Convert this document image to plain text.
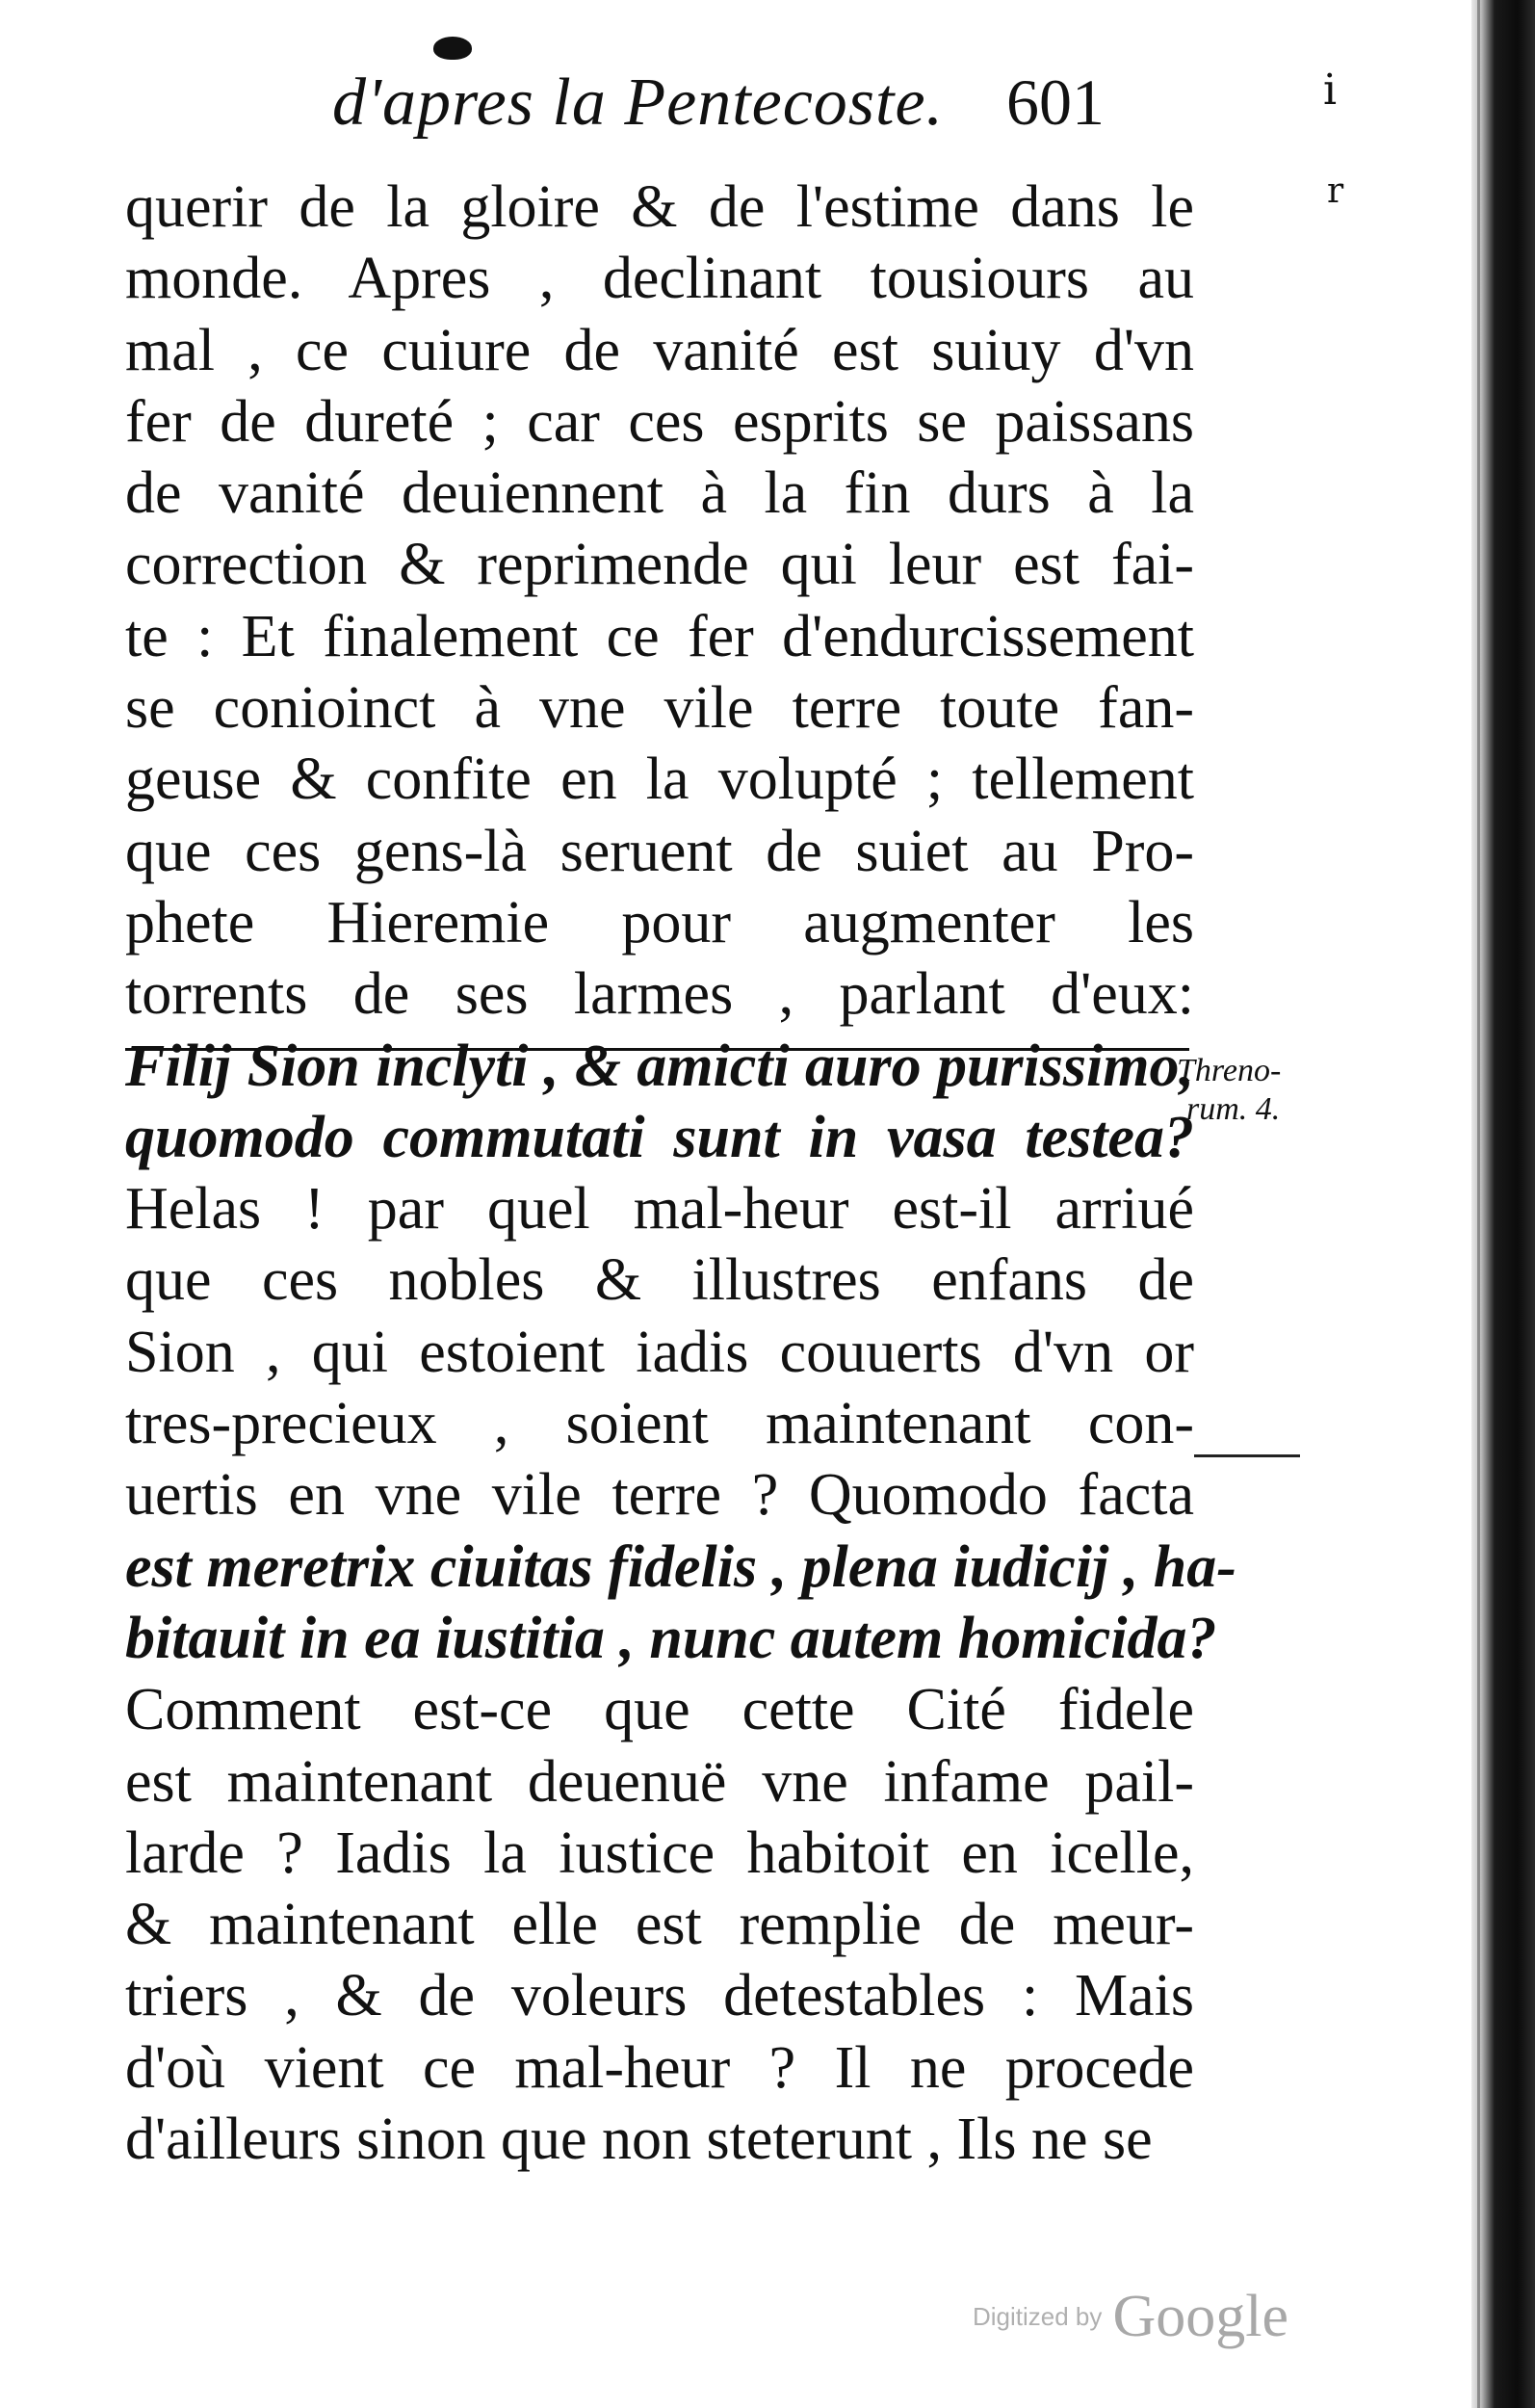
i
r
d'apres la Pentecoste. 601
querir de la gloire & de l'estime dans le
monde. Apres , declinant tousiours au
mal , ce cuiure de vanité est suiuy d'vn
fer de dureté ; car ces esprits se paissans
de vanité deuiennent à la fin durs à la
correction & reprimende qui leur est fai-
te : Et finalement ce fer d'endurcissement
se conioinct à vne vile terre toute fan-
geuse & confite en la volupté ; tellement
que ces gens-là seruent de suiet au Pro-
phete Hieremie pour augmenter les
torrents de ses larmes , parlant d'eux:
Filij Sion inclyti , & amicti auro purissimo,
quomodo commutati sunt in vasa testea?
Helas ! par quel mal-heur est-il arriué
que ces nobles & illustres enfans de
Sion , qui estoient iadis couuerts d'vn or
tres-precieux , soient maintenant con-
uertis en vne vile terre ? Quomodo facta
est meretrix ciuitas fidelis , plena iudicij , ha-
bitauit in ea iustitia , nunc autem homicida?
Comment est-ce que cette Cité fidele
est maintenant deuenuë vne infame pail-
larde ? Iadis la iustice habitoit en icelle,
& maintenant elle est remplie de meur-
triers , & de voleurs detestables : Mais
d'où vient ce mal-heur ? Il ne procede
d'ailleurs sinon que non steterunt , Ils ne se
Threno-
rum. 4.
Digitized by Google
